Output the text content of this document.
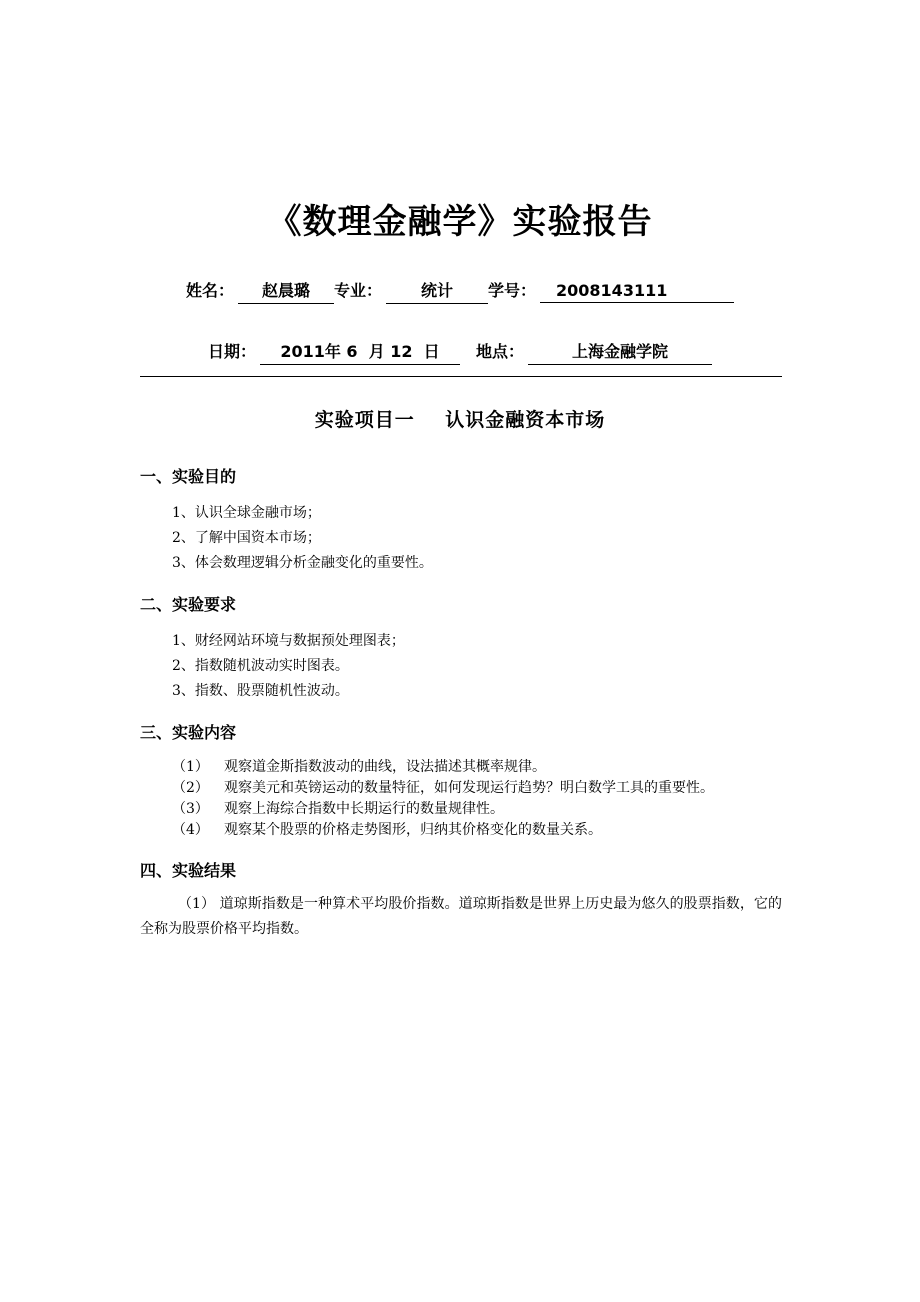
《数理金融学》实验报告
姓名： 赵晨璐 专业： 统计 学号： 2008143111
日期： 2011年 6  月 12  日 地点：	上海金融学院
实验项目一    认识金融资本市场
一、实验目的
1、认识全球金融市场；
2、了解中国资本市场；
3、体会数理逻辑分析金融变化的重要性。
二、实验要求
1、财经网站环境与数据预处理图表；
2、指数随机波动实时图表。
3、指数、股票随机性波动。
三、实验内容
（1） 观察道金斯指数波动的曲线，设法描述其概率规律。
（2） 观察美元和英镑运动的数量特征，如何发现运行趋势？明白数学工具的重要性。
（3） 观察上海综合指数中长期运行的数量规律性。
（4） 观察某个股票的价格走势图形，归纳其价格变化的数量关系。
四、实验结果
（1） 道琼斯指数是一种算术平均股价指数。道琼斯指数是世界上历史最为悠久的股票指数，它的全称为股票价格平均指数。
